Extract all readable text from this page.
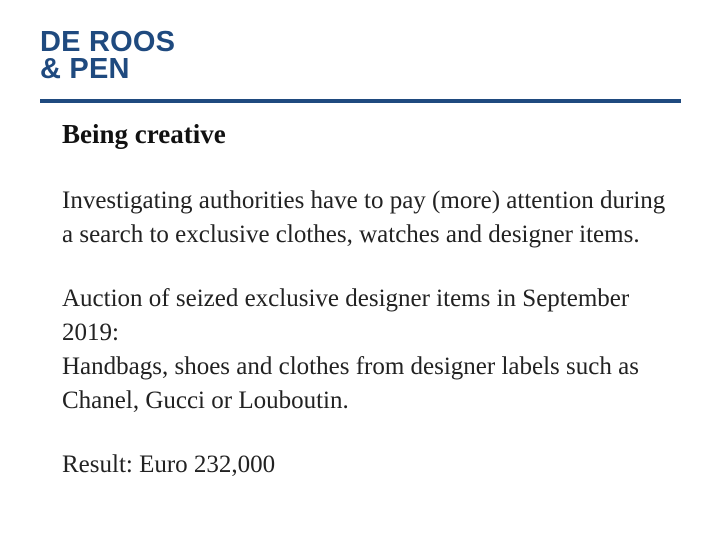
DE ROOS
& PEN
Being creative

Investigating authorities have to pay (more) attention during a search to exclusive clothes, watches and designer items.

Auction of seized exclusive designer items in September 2019:

Handbags, shoes and clothes from designer labels such as Chanel, Gucci or Louboutin.

Result: Euro 232,000
